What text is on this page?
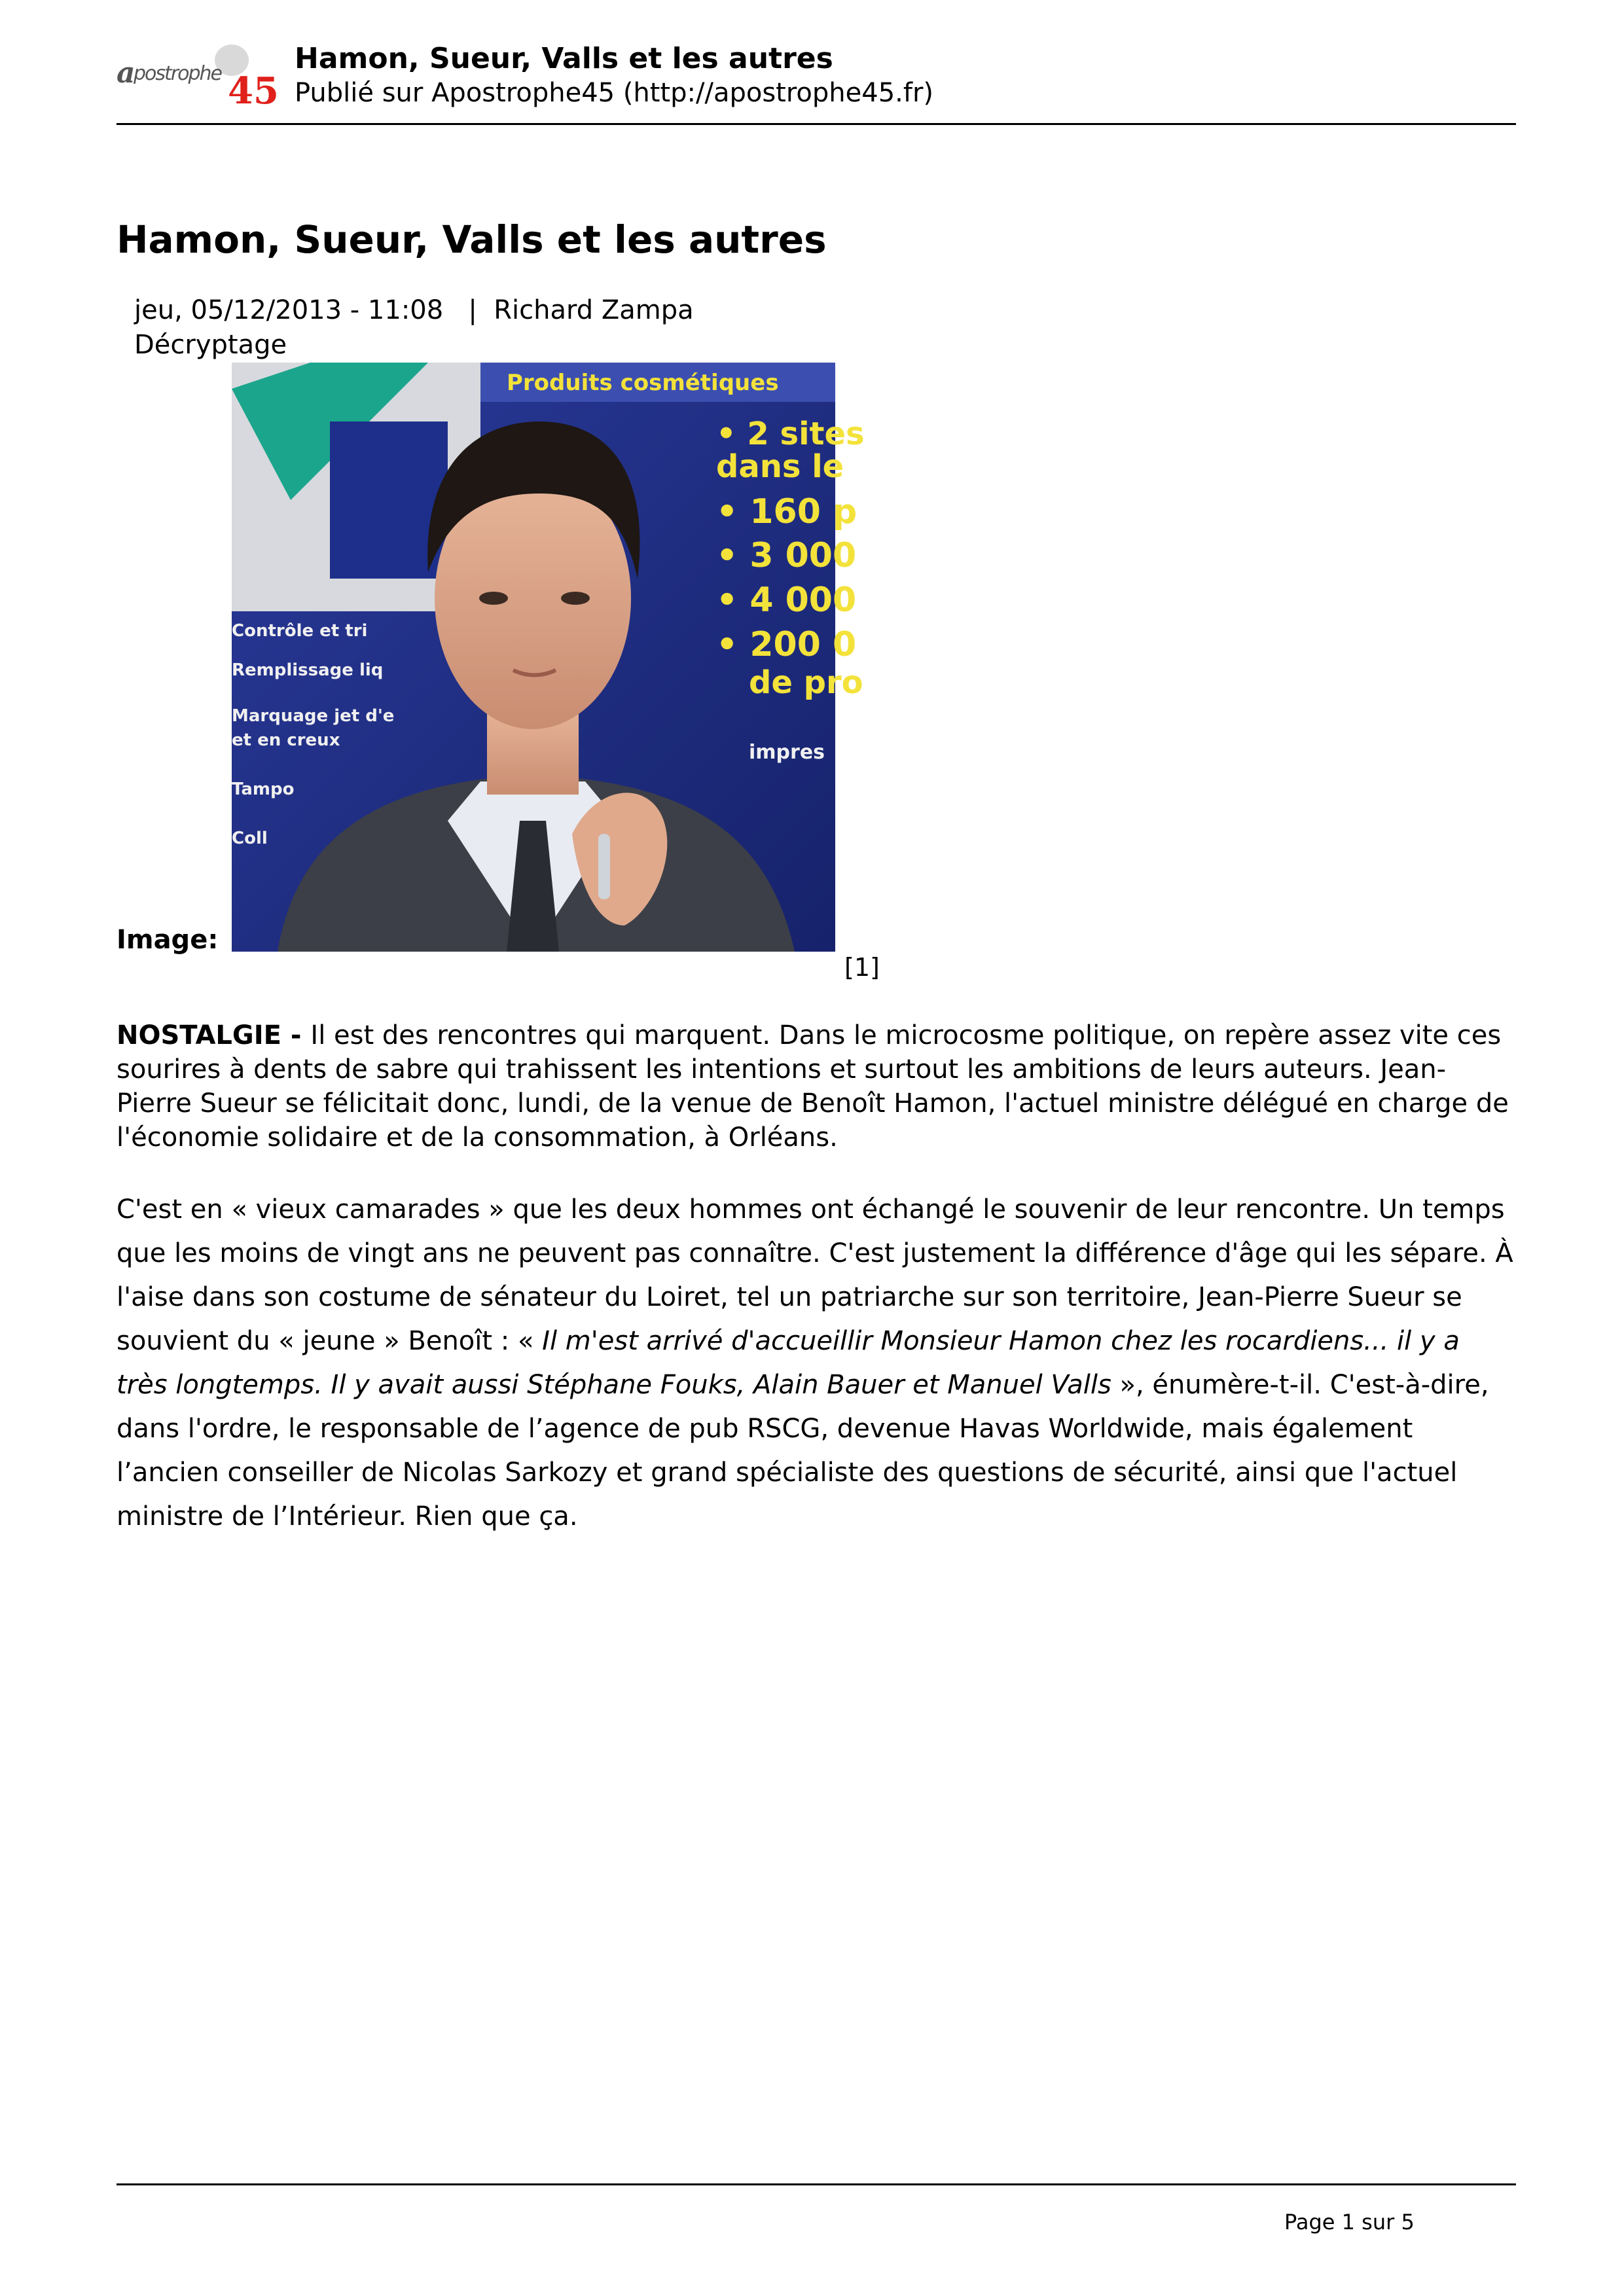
a
postrophe 45
Hamon, Sueur, Valls et les autres
Publié sur Apostrophe45 (http://apostrophe45.fr)
Hamon, Sueur, Valls et les autres
jeu, 05/12/2013 - 11:08   |  Richard Zampa
Décryptage
Image:
Produits cosmétiques
• 2 sites
dans le
• 160 p
• 3 000
• 4 000
• 200 0
de pro
Contrôle et tri
Remplissage liq
Marquage jet d'e
et en creux
Tampo
Coll
impres
[1]

NOSTALGIE - Il est des rencontres qui marquent. Dans le microcosme politique, on repère assez vite ces sourires à dents de sabre qui trahissent les intentions et surtout les ambitions de leurs auteurs. Jean-Pierre Sueur se félicitait donc, lundi, de la venue de Benoît Hamon, l'actuel ministre délégué en charge de l'économie solidaire et de la consommation, à Orléans.

C'est en « vieux camarades » que les deux hommes ont échangé le souvenir de leur rencontre. Un temps que les moins de vingt ans ne peuvent pas connaître. C'est justement la différence d'âge qui les sépare. À l'aise dans son costume de sénateur du Loiret, tel un patriarche sur son territoire, Jean-Pierre Sueur se souvient du « jeune » Benoît : « Il m'est arrivé d'accueillir Monsieur Hamon chez les rocardiens... il y a très longtemps. Il y avait aussi Stéphane Fouks, Alain Bauer et Manuel Valls », énumère-t-il. C'est-à-dire, dans l'ordre, le responsable de l’agence de pub RSCG, devenue Havas Worldwide, mais également l’ancien conseiller de Nicolas Sarkozy et grand spécialiste des questions de sécurité, ainsi que l'actuel ministre de l’Intérieur. Rien que ça.

Page 1 sur 5
